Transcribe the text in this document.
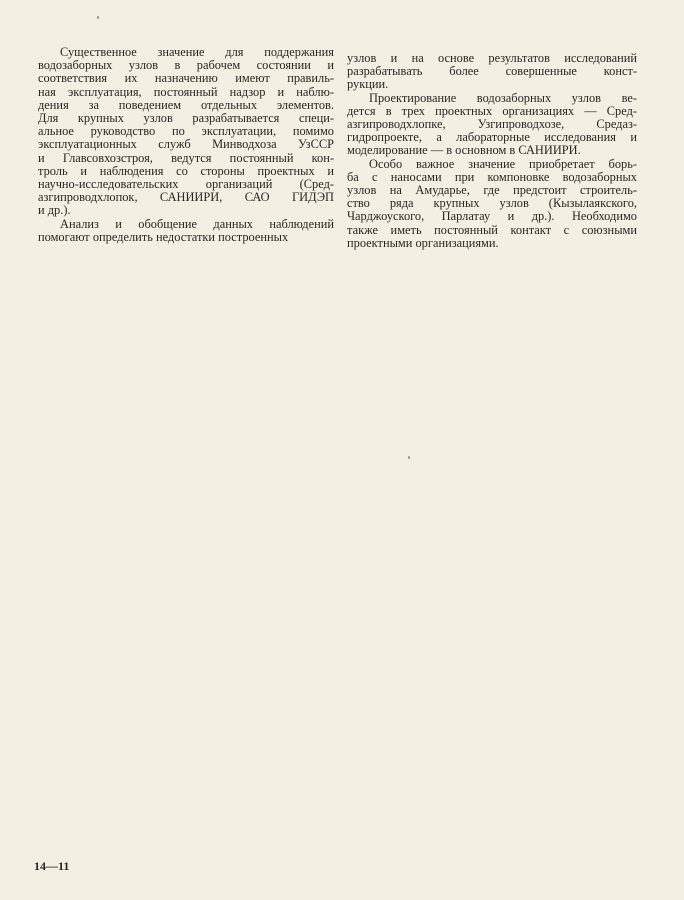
Существенное значение для поддержания
водозаборных узлов в рабочем состоянии и
соответствия их назначению имеют правиль-
ная эксплуатация, постоянный надзор и наблю-
дения за поведением отдельных элементов.
Для крупных узлов разрабатывается специ-
альное руководство по эксплуатации, помимо
эксплуатационных служб Минводхоза УзССР
и Главсовхозстроя, ведутся постоянный кон-
троль и наблюдения со стороны проектных и
научно-исследовательских организаций (Сред-
азгипроводхлопок, САНИИРИ, САО ГИДЭП
и др.).
Анализ и обобщение данных наблюдений
помогают определить недостатки построенных
узлов и на основе результатов исследований
разрабатывать более совершенные конст-
рукции.
Проектирование водозаборных узлов ве-
дется в трех проектных организациях — Сред-
азгипроводхлопке, Узгипроводхозе, Средаз-
гидропроекте, а лабораторные исследования и
моделирование — в основном в САНИИРИ.
Особо важное значение приобретает борь-
ба с наносами при компоновке водозаборных
узлов на Амударье, где предстоит строитель-
ство ряда крупных узлов (Кызылаякского,
Чарджоуского, Парлатау и др.). Необходимо
также иметь постоянный контакт с союзными
проектными организациями.
14—11
